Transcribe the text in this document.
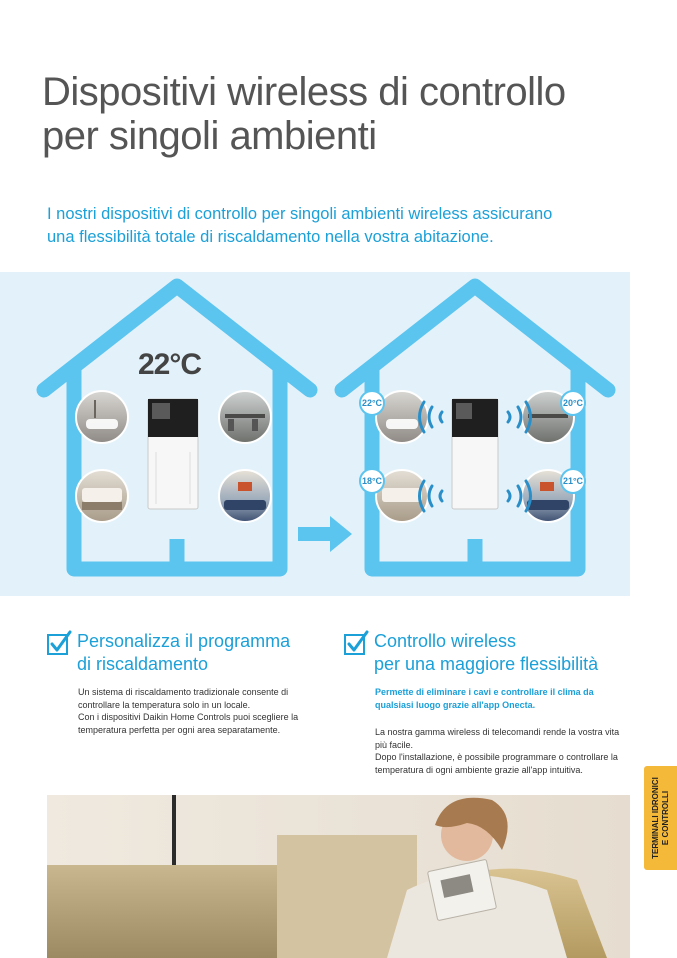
Dispositivi wireless di controllo
per singoli ambienti
I nostri dispositivi di controllo per singoli ambienti wireless assicurano
una flessibilità totale di riscaldamento nella vostra abitazione.
22°C
22°C	20°C
18°C	21°C
Personalizza il programma
di riscaldamento
Un sistema di riscaldamento tradizionale consente di
controllare la temperatura solo in un locale.
Con i dispositivi Daikin Home Controls puoi scegliere la
temperatura perfetta per ogni area separatamente.
Controllo wireless
per una maggiore flessibilità
Permette di eliminare i cavi e controllare il clima da
qualsiasi luogo grazie all'app Onecta.
La nostra gamma wireless di telecomandi rende la vostra vita
più facile.
Dopo l'installazione, è possibile programmare o controllare la
temperatura di ogni ambiente grazie all'app intuitiva.
TERMINALI IDRONICI E CONTROLLI
